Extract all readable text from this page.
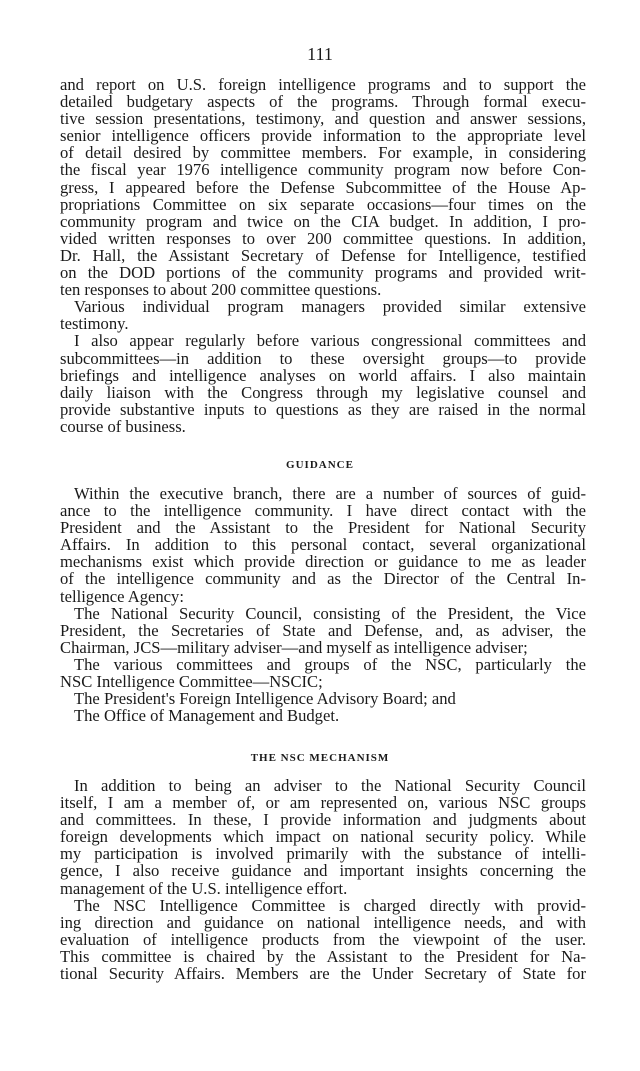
111

and report on U.S. foreign intelligence programs and to support the
detailed budgetary aspects of the programs. Through formal execu-
tive session presentations, testimony, and question and answer sessions,
senior intelligence officers provide information to the appropriate level
of detail desired by committee members. For example, in considering
the fiscal year 1976 intelligence community program now before Con-
gress, I appeared before the Defense Subcommittee of the House Ap-
propriations Committee on six separate occasions—four times on the
community program and twice on the CIA budget. In addition, I pro-
vided written responses to over 200 committee questions. In addition,
Dr. Hall, the Assistant Secretary of Defense for Intelligence, testified
on the DOD portions of the community programs and provided writ-
ten responses to about 200 committee questions.

Various individual program managers provided similar extensive
testimony.

I also appear regularly before various congressional committees and
subcommittees—in addition to these oversight groups—to provide
briefings and intelligence analyses on world affairs. I also maintain
daily liaison with the Congress through my legislative counsel and
provide substantive inputs to questions as they are raised in the normal
course of business.

GUIDANCE

Within the executive branch, there are a number of sources of guid-
ance to the intelligence community. I have direct contact with the
President and the Assistant to the President for National Security
Affairs. In addition to this personal contact, several organizational
mechanisms exist which provide direction or guidance to me as leader
of the intelligence community and as the Director of the Central In-
telligence Agency:

The National Security Council, consisting of the President, the Vice
President, the Secretaries of State and Defense, and, as adviser, the
Chairman, JCS—military adviser—and myself as intelligence adviser;

The various committees and groups of the NSC, particularly the
NSC Intelligence Committee—NSCIC;

The President's Foreign Intelligence Advisory Board; and

The Office of Management and Budget.

THE NSC MECHANISM

In addition to being an adviser to the National Security Council
itself, I am a member of, or am represented on, various NSC groups
and committees. In these, I provide information and judgments about
foreign developments which impact on national security policy. While
my participation is involved primarily with the substance of intelli-
gence, I also receive guidance and important insights concerning the
management of the U.S. intelligence effort.

The NSC Intelligence Committee is charged directly with provid-
ing direction and guidance on national intelligence needs, and with
evaluation of intelligence products from the viewpoint of the user.
This committee is chaired by the Assistant to the President for Na-
tional Security Affairs. Members are the Under Secretary of State for
